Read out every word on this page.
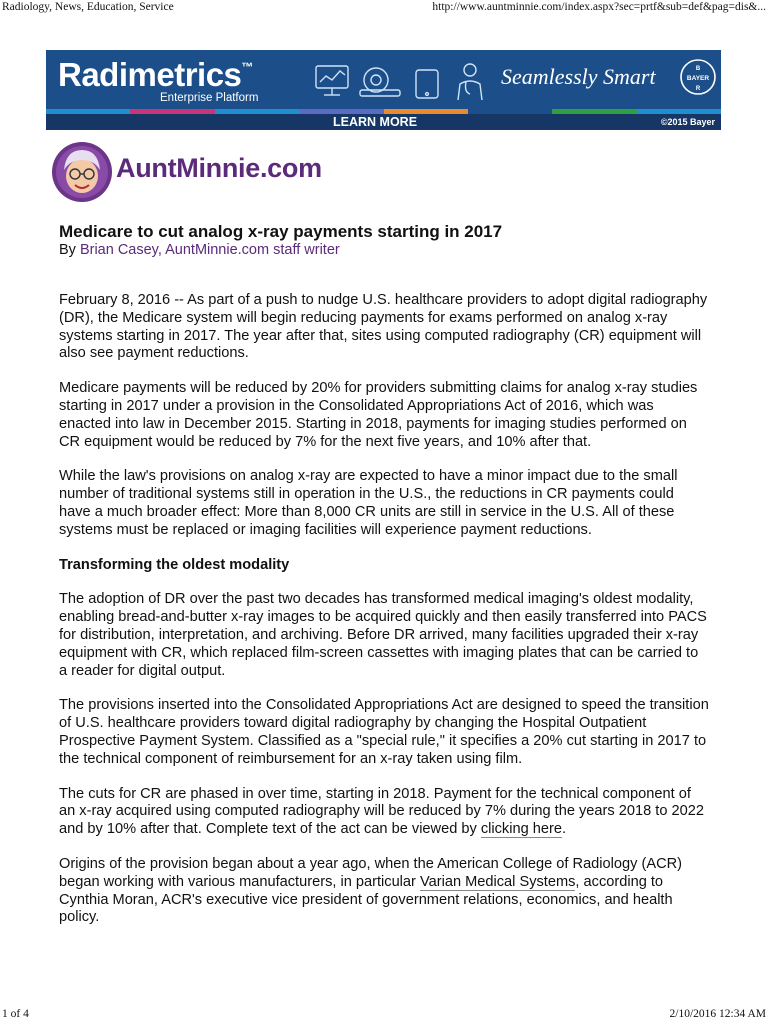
Radiology, News, Education, Service	http://www.auntminnie.com/index.aspx?sec=prtf&sub=def&pag=dis&...
Radimetrics™
Enterprise Platform
Seamlessly Smart	BAYER
B
R
LEARN MORE	©2015 Bayer
AuntMinnie.com
Medicare to cut analog x-ray payments starting in 2017
By Brian Casey, AuntMinnie.com staff writer

February 8, 2016 -- As part of a push to nudge U.S. healthcare providers to adopt digital radiography (DR), the Medicare system will begin reducing payments for exams performed on analog x-ray systems starting in 2017. The year after that, sites using computed radiography (CR) equipment will also see payment reductions.

Medicare payments will be reduced by 20% for providers submitting claims for analog x-ray studies starting in 2017 under a provision in the Consolidated Appropriations Act of 2016, which was enacted into law in December 2015. Starting in 2018, payments for imaging studies performed on CR equipment would be reduced by 7% for the next five years, and 10% after that.

While the law's provisions on analog x-ray are expected to have a minor impact due to the small number of traditional systems still in operation in the U.S., the reductions in CR payments could have a much broader effect: More than 8,000 CR units are still in service in the U.S. All of these systems must be replaced or imaging facilities will experience payment reductions.

Transforming the oldest modality

The adoption of DR over the past two decades has transformed medical imaging's oldest modality, enabling bread-and-butter x-ray images to be acquired quickly and then easily transferred into PACS for distribution, interpretation, and archiving. Before DR arrived, many facilities upgraded their x-ray equipment with CR, which replaced film-screen cassettes with imaging plates that can be carried to a reader for digital output.

The provisions inserted into the Consolidated Appropriations Act are designed to speed the transition of U.S. healthcare providers toward digital radiography by changing the Hospital Outpatient Prospective Payment System. Classified as a "special rule," it specifies a 20% cut starting in 2017 to the technical component of reimbursement for an x-ray taken using film.

The cuts for CR are phased in over time, starting in 2018. Payment for the technical component of an x-ray acquired using computed radiography will be reduced by 7% during the years 2018 to 2022 and by 10% after that. Complete text of the act can be viewed by clicking here.

Origins of the provision began about a year ago, when the American College of Radiology (ACR) began working with various manufacturers, in particular Varian Medical Systems, according to Cynthia Moran, ACR's executive vice president of government relations, economics, and health policy.

1 of 4	2/10/2016 12:34 AM
